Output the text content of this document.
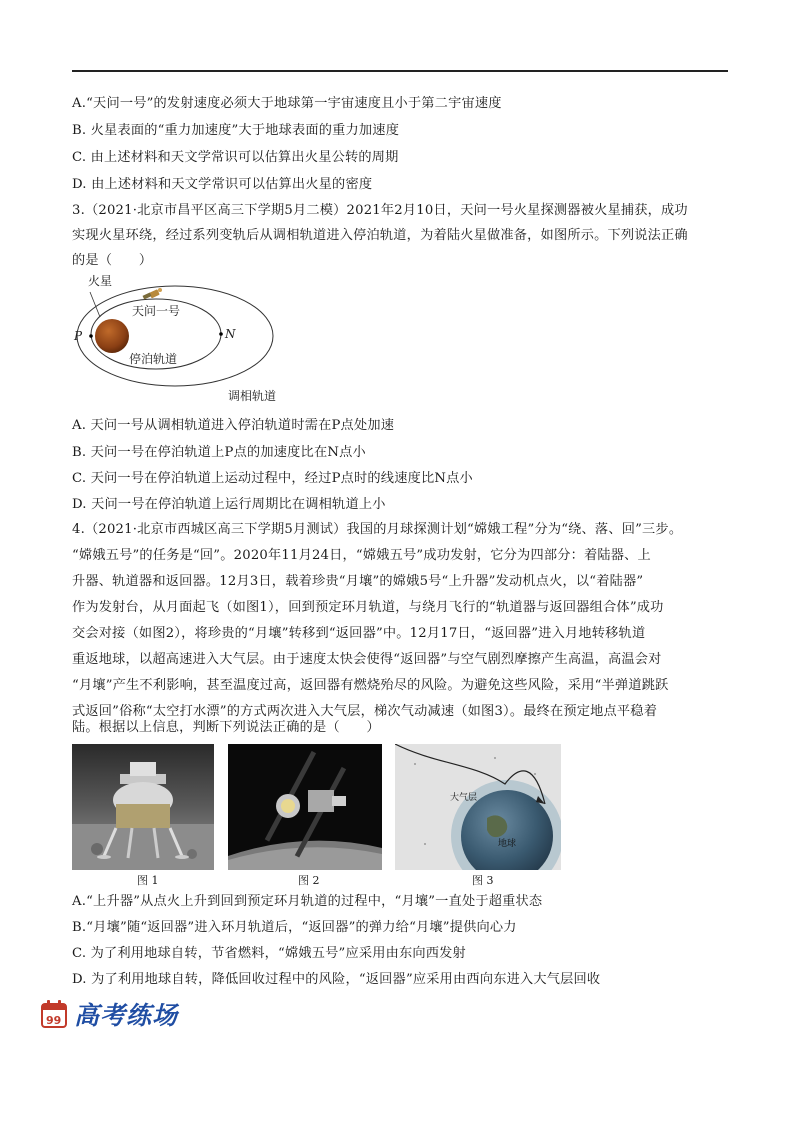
A.“天问一号”的发射速度必须大于地球第一宇宙速度且小于第二宇宙速度
B. 火星表面的“重力加速度”大于地球表面的重力加速度
C. 由上述材料和天文学常识可以估算出火星公转的周期
D. 由上述材料和天文学常识可以估算出火星的密度
3.（2021·北京市昌平区高三下学期5月二模）2021年2月10日，天问一号火星探测器被火星捕获，成功
实现火星环绕，经过系列变轨后从调相轨道进入停泊轨道，为着陆火星做准备，如图所示。下列说法正确
的是（　　）
火星
天问一号
P	N
停泊轨道
调相轨道
A. 天问一号从调相轨道进入停泊轨道时需在P点处加速
B. 天问一号在停泊轨道上P点的加速度比在N点小
C. 天问一号在停泊轨道上运动过程中，经过P点时的线速度比N点小
D. 天问一号在停泊轨道上运行周期比在调相轨道上小
4.（2021·北京市西城区高三下学期5月测试）我国的月球探测计划“嫦娥工程”分为“绕、落、回”三步。
“嫦娥五号”的任务是“回”。2020年11月24日，“嫦娥五号”成功发射，它分为四部分：着陆器、上
升器、轨道器和返回器。12月3日，载着珍贵“月壤”的嫦娥5号“上升器”发动机点火，以“着陆器”
作为发射台，从月面起飞（如图1），回到预定环月轨道，与绕月飞行的“轨道器与返回器组合体”成功
交会对接（如图2），将珍贵的“月壤”转移到“返回器”中。12月17日，“返回器”进入月地转移轨道
重返地球，以超高速进入大气层。由于速度太快会使得“返回器”与空气剧烈摩擦产生高温，高温会对
“月壤”产生不利影响，甚至温度过高，返回器有燃烧殆尽的风险。为避免这些风险，采用“半弹道跳跃
式返回”俗称“太空打水漂”的方式两次进入大气层，梯次气动减速（如图3）。最终在预定地点平稳着
陆。根据以上信息，判断下列说法正确的是（　　）
图 1	图 2
大气层
地球
图 3
A.“上升器”从点火上升到回到预定环月轨道的过程中，“月壤”一直处于超重状态
B.“月壤”随“返回器”进入环月轨道后，“返回器”的弹力给“月壤”提供向心力
C. 为了利用地球自转，节省燃料，“嫦娥五号”应采用由东向西发射
D. 为了利用地球自转，降低回收过程中的风险，“返回器”应采用由西向东进入大气层回收
99 高考练场
